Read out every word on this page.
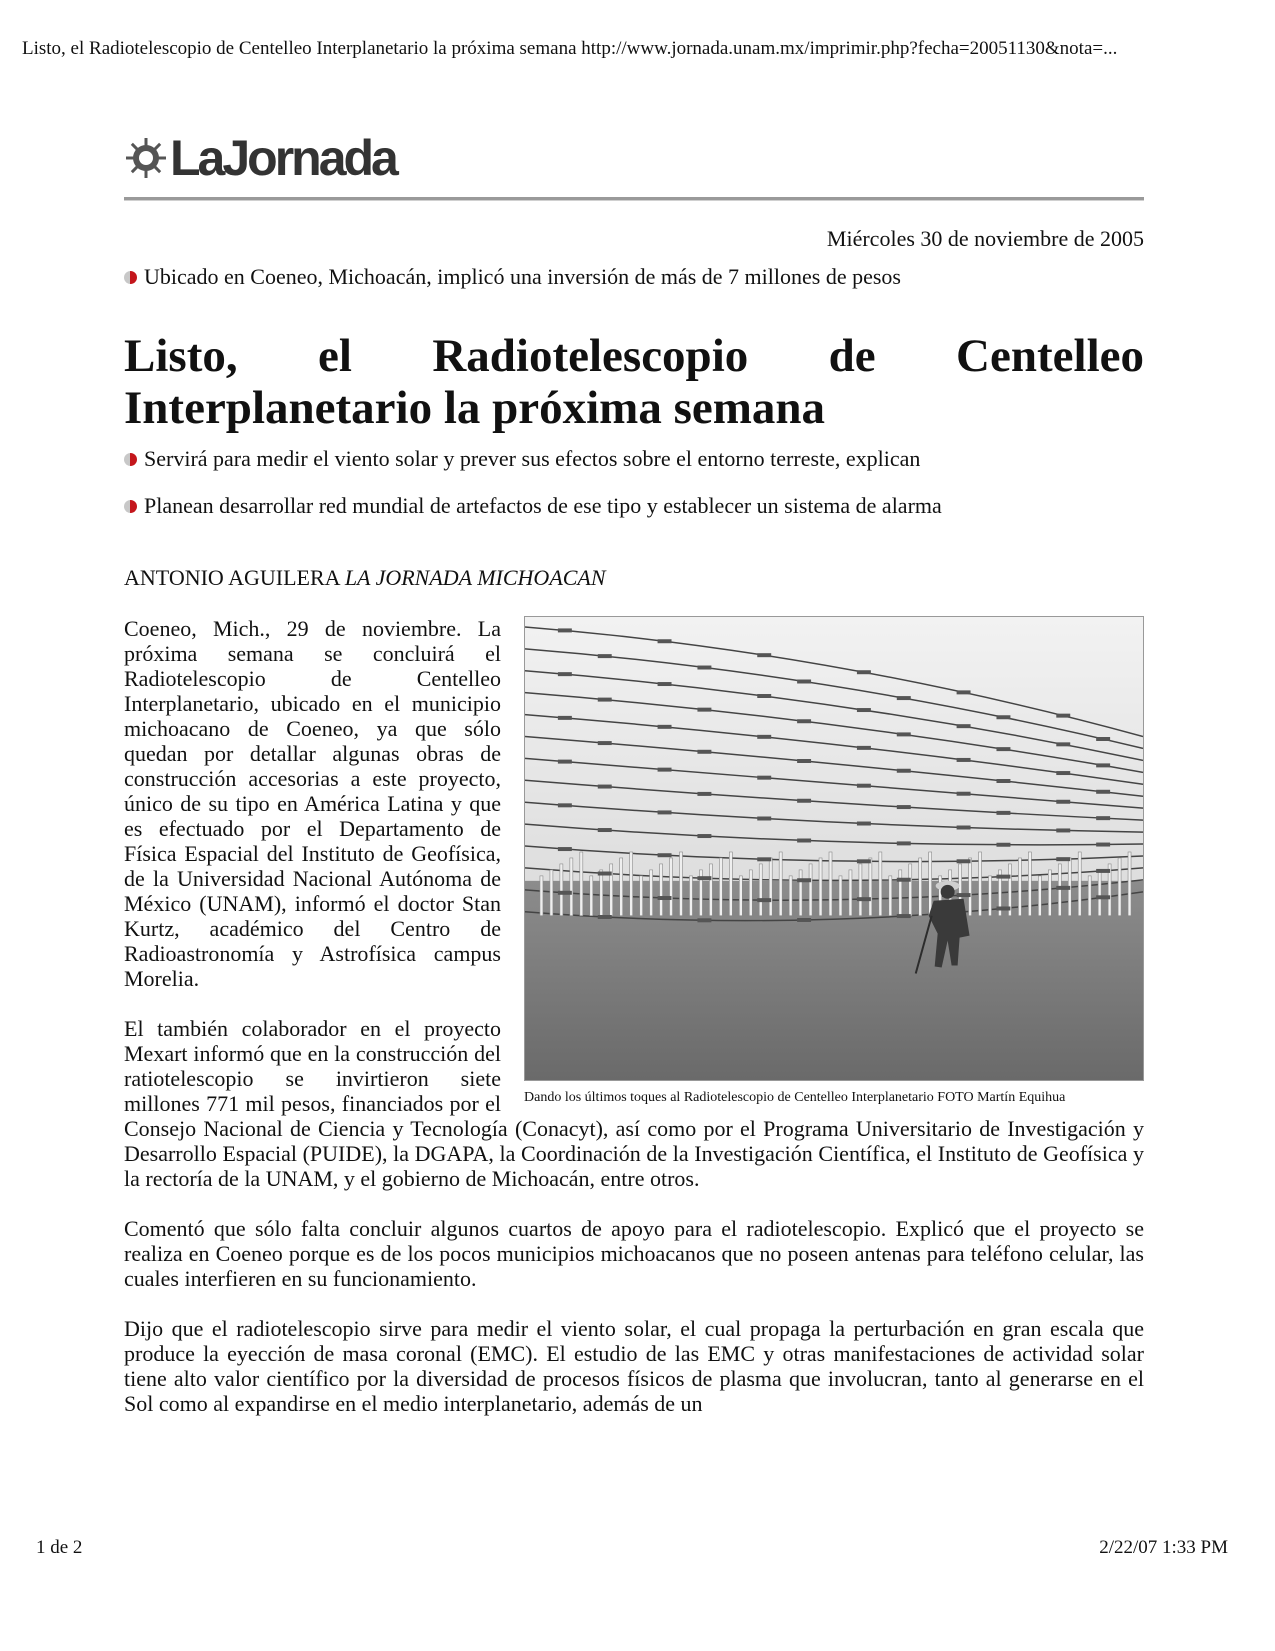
Listo, el Radiotelescopio de Centelleo Interplanetario la próxima semana http://www.jornada.unam.mx/imprimir.php?fecha=20051130&nota=...
LaJornada
Miércoles 30 de noviembre de 2005
Ubicado en Coeneo, Michoacán, implicó una inversión de más de 7 millones de pesos
Listo, el Radiotelescopio de Centelleo Interplanetario la próxima semana
Servirá para medir el viento solar y prever sus efectos sobre el entorno terreste, explican
Planean desarrollar red mundial de artefactos de ese tipo y establecer un sistema de alarma
ANTONIO AGUILERA LA JORNADA MICHOACAN
Dando los últimos toques al Radiotelescopio de Centelleo Interplanetario FOTO Martín Equihua

Coeneo, Mich., 29 de noviembre. La próxima semana se concluirá el Radiotelescopio de Centelleo Interplanetario, ubicado en el municipio michoacano de Coeneo, ya que sólo quedan por detallar algunas obras de construcción accesorias a este proyecto, único de su tipo en América Latina y que es efectuado por el Departamento de Física Espacial del Instituto de Geofísica, de la Universidad Nacional Autónoma de México (UNAM), informó el doctor Stan Kurtz, académico del Centro de Radioastronomía y Astrofísica campus Morelia.

El también colaborador en el proyecto Mexart informó que en la construcción del ratiotelescopio se invirtieron siete millones 771 mil pesos, financiados por el Consejo Nacional de Ciencia y Tecnología (Conacyt), así como por el Programa Universitario de Investigación y Desarrollo Espacial (PUIDE), la DGAPA, la Coordinación de la Investigación Científica, el Instituto de Geofísica y la rectoría de la UNAM, y el gobierno de Michoacán, entre otros.

Comentó que sólo falta concluir algunos cuartos de apoyo para el radiotelescopio. Explicó que el proyecto se realiza en Coeneo porque es de los pocos municipios michoacanos que no poseen antenas para teléfono celular, las cuales interfieren en su funcionamiento.

Dijo que el radiotelescopio sirve para medir el viento solar, el cual propaga la perturbación en gran escala que produce la eyección de masa coronal (EMC). El estudio de las EMC y otras manifestaciones de actividad solar tiene alto valor científico por la diversidad de procesos físicos de plasma que involucran, tanto al generarse en el Sol como al expandirse en el medio interplanetario, además de un

1 de 2	2/22/07 1:33 PM
